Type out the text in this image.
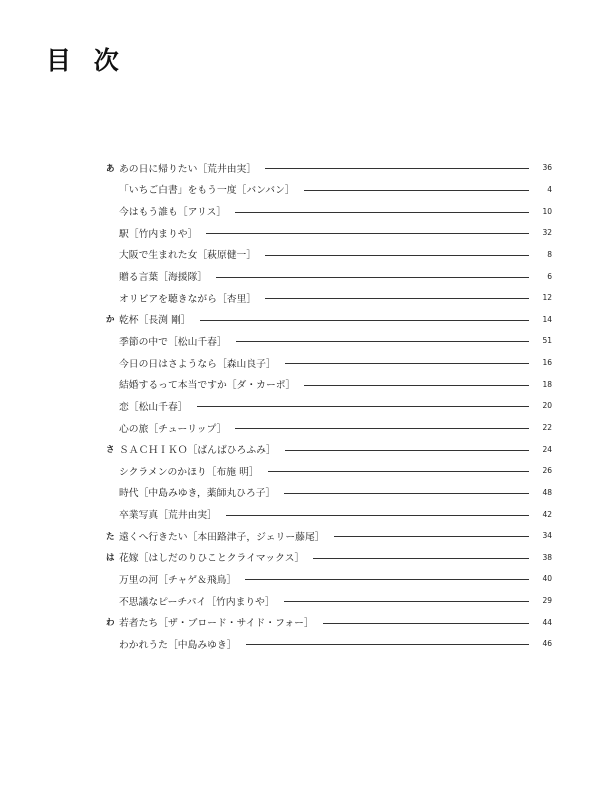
目 次
あ あの日に帰りたい［荒井由実］	36
「いちご白書」をもう一度［バンバン］	4
今はもう誰も［アリス］	10
駅［竹内まりや］	32
大阪で生まれた女［萩原健一］	8
贈る言葉［海援隊］	6
オリビアを聴きながら［杏里］	12
か 乾杯［長渕 剛］	14
季節の中で［松山千春］	51
今日の日はさようなら［森山良子］	16
結婚するって本当ですか［ダ・カーポ］	18
恋［松山千春］	20
心の旅［チューリップ］	22
さ ＳＡＣＨＩＫＯ［ばんばひろふみ］	24
シクラメンのかほり［布施 明］	26
時代［中島みゆき，薬師丸ひろ子］	48
卒業写真［荒井由実］	42
た 遠くへ行きたい［本田路津子，ジェリー藤尾］	34
は 花嫁［はしだのりひことクライマックス］	38
万里の河［チャゲ＆飛鳥］	40
不思議なピーチパイ［竹内まりや］	29
わ 若者たち［ザ・ブロード・サイド・フォー］	44
わかれうた［中島みゆき］	46
